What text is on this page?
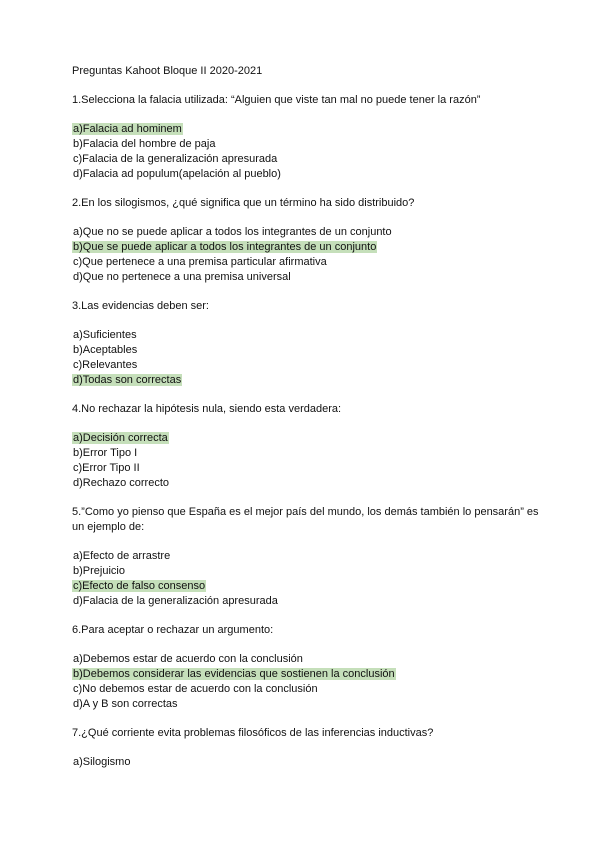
Preguntas Kahoot Bloque II 2020-2021
1.Selecciona la falacia utilizada: “Alguien que viste tan mal no puede tener la razón”
a)Falacia ad hominem
b)Falacia del hombre de paja
c)Falacia de la generalización apresurada
d)Falacia ad populum(apelación al pueblo)
2.En los silogismos, ¿qué significa que un término ha sido distribuido?
a)Que no se puede aplicar a todos los integrantes de un conjunto
b)Que se puede aplicar a todos los integrantes de un conjunto
c)Que pertenece a una premisa particular afirmativa
d)Que no pertenece a una premisa universal
3.Las evidencias deben ser:
a)Suficientes
b)Aceptables
c)Relevantes
d)Todas son correctas
4.No rechazar la hipótesis nula, siendo esta verdadera:
a)Decisión correcta
b)Error Tipo I
c)Error Tipo II
d)Rechazo correcto
5.”Como yo pienso que España es el mejor país del mundo, los demás también lo pensarán” es un ejemplo de:
a)Efecto de arrastre
b)Prejuicio
c)Efecto de falso consenso
d)Falacia de la generalización apresurada
6.Para aceptar o rechazar un argumento:
a)Debemos estar de acuerdo con la conclusión
b)Debemos considerar las evidencias que sostienen la conclusión
c)No debemos estar de acuerdo con la conclusión
d)A y B son correctas
7.¿Qué corriente evita problemas filosóficos de las inferencias inductivas?
a)Silogismo
